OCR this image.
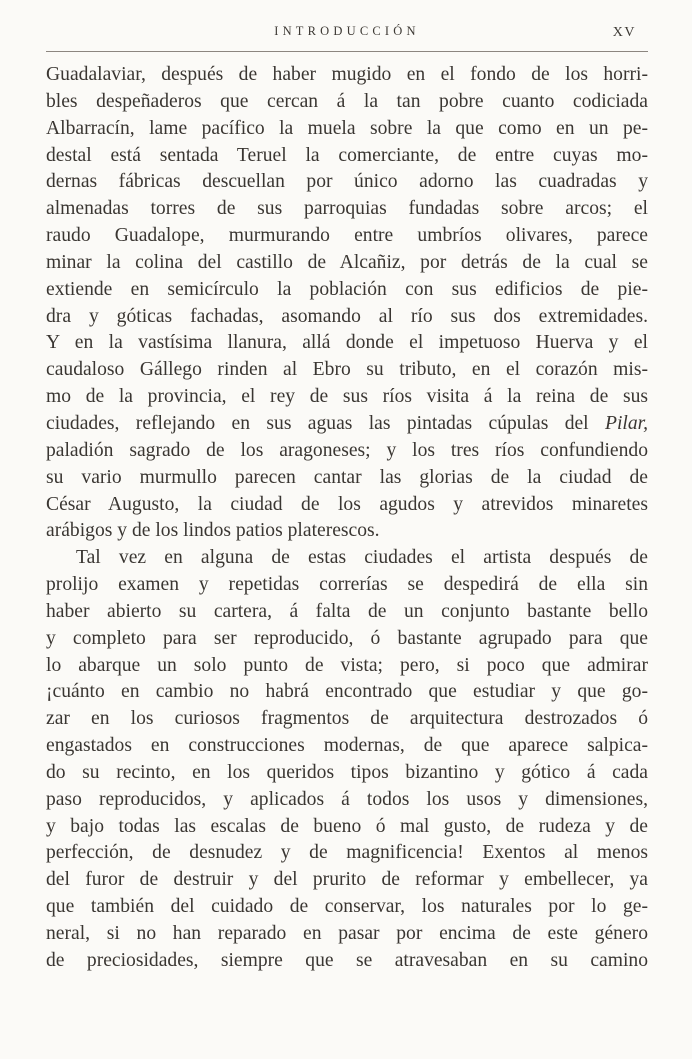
INTRODUCCIÓN	XV
Guadalaviar, después de haber mugido en el fondo de los horri-
bles despeñaderos que cercan á la tan pobre cuanto codiciada
Albarracín, lame pacífico la muela sobre la que como en un pe-
destal está sentada Teruel la comerciante, de entre cuyas mo-
dernas fábricas descuellan por único adorno las cuadradas y
almenadas torres de sus parroquias fundadas sobre arcos; el
raudo Guadalope, murmurando entre umbríos olivares, parece
minar la colina del castillo de Alcañiz, por detrás de la cual se
extiende en semicírculo la población con sus edificios de pie-
dra y góticas fachadas, asomando al río sus dos extremidades.
Y en la vastísima llanura, allá donde el impetuoso Huerva y el
caudaloso Gállego rinden al Ebro su tributo, en el corazón mis-
mo de la provincia, el rey de sus ríos visita á la reina de sus
ciudades, reflejando en sus aguas las pintadas cúpulas del Pilar,
paladión sagrado de los aragoneses; y los tres ríos confundiendo
su vario murmullo parecen cantar las glorias de la ciudad de
César Augusto, la ciudad de los agudos y atrevidos minaretes
arábigos y de los lindos patios platerescos.
Tal vez en alguna de estas ciudades el artista después de
prolijo examen y repetidas correrías se despedirá de ella sin
haber abierto su cartera, á falta de un conjunto bastante bello
y completo para ser reproducido, ó bastante agrupado para que
lo abarque un solo punto de vista; pero, si poco que admirar
¡cuánto en cambio no habrá encontrado que estudiar y que go-
zar en los curiosos fragmentos de arquitectura destrozados ó
engastados en construcciones modernas, de que aparece salpica-
do su recinto, en los queridos tipos bizantino y gótico á cada
paso reproducidos, y aplicados á todos los usos y dimensiones,
y bajo todas las escalas de bueno ó mal gusto, de rudeza y de
perfección, de desnudez y de magnificencia! Exentos al menos
del furor de destruir y del prurito de reformar y embellecer, ya
que también del cuidado de conservar, los naturales por lo ge-
neral, si no han reparado en pasar por encima de este género
de preciosidades, siempre que se atravesaban en su camino
